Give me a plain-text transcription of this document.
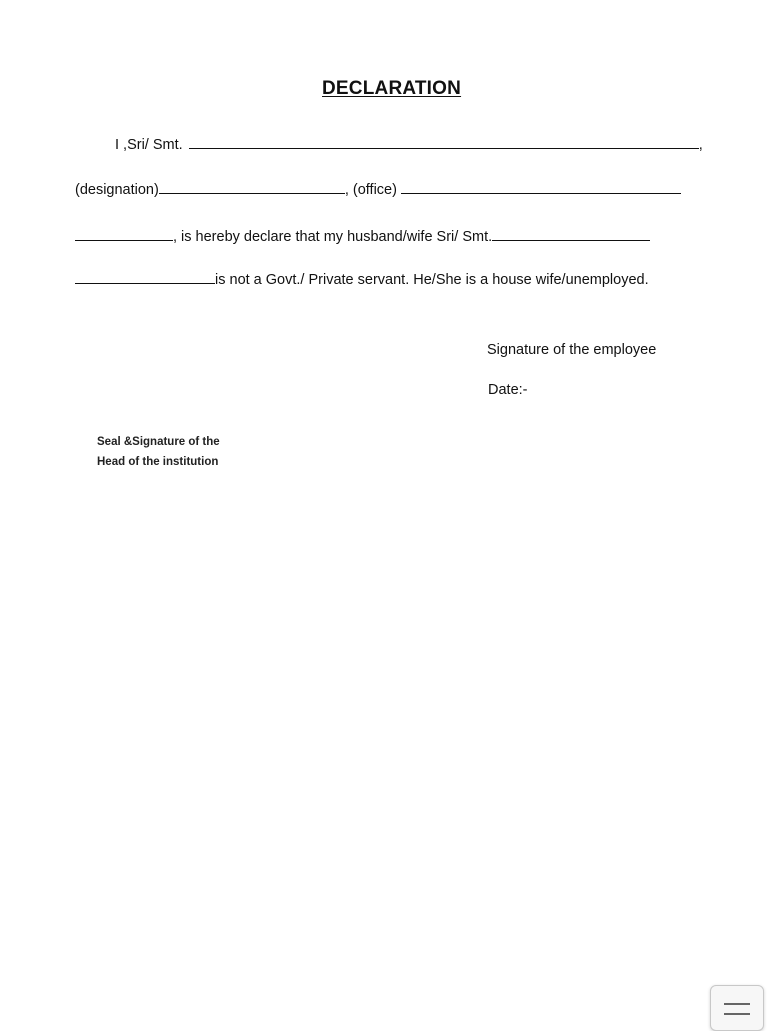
DECLARATION
I ,Sri/ Smt.	,
(designation)	, (office)
, is hereby declare that my husband/wife Sri/ Smt.
is not a Govt./ Private servant. He/She is a house wife/unemployed.
Signature of the employee
Date:-
Seal &Signature of the
Head of the institution
